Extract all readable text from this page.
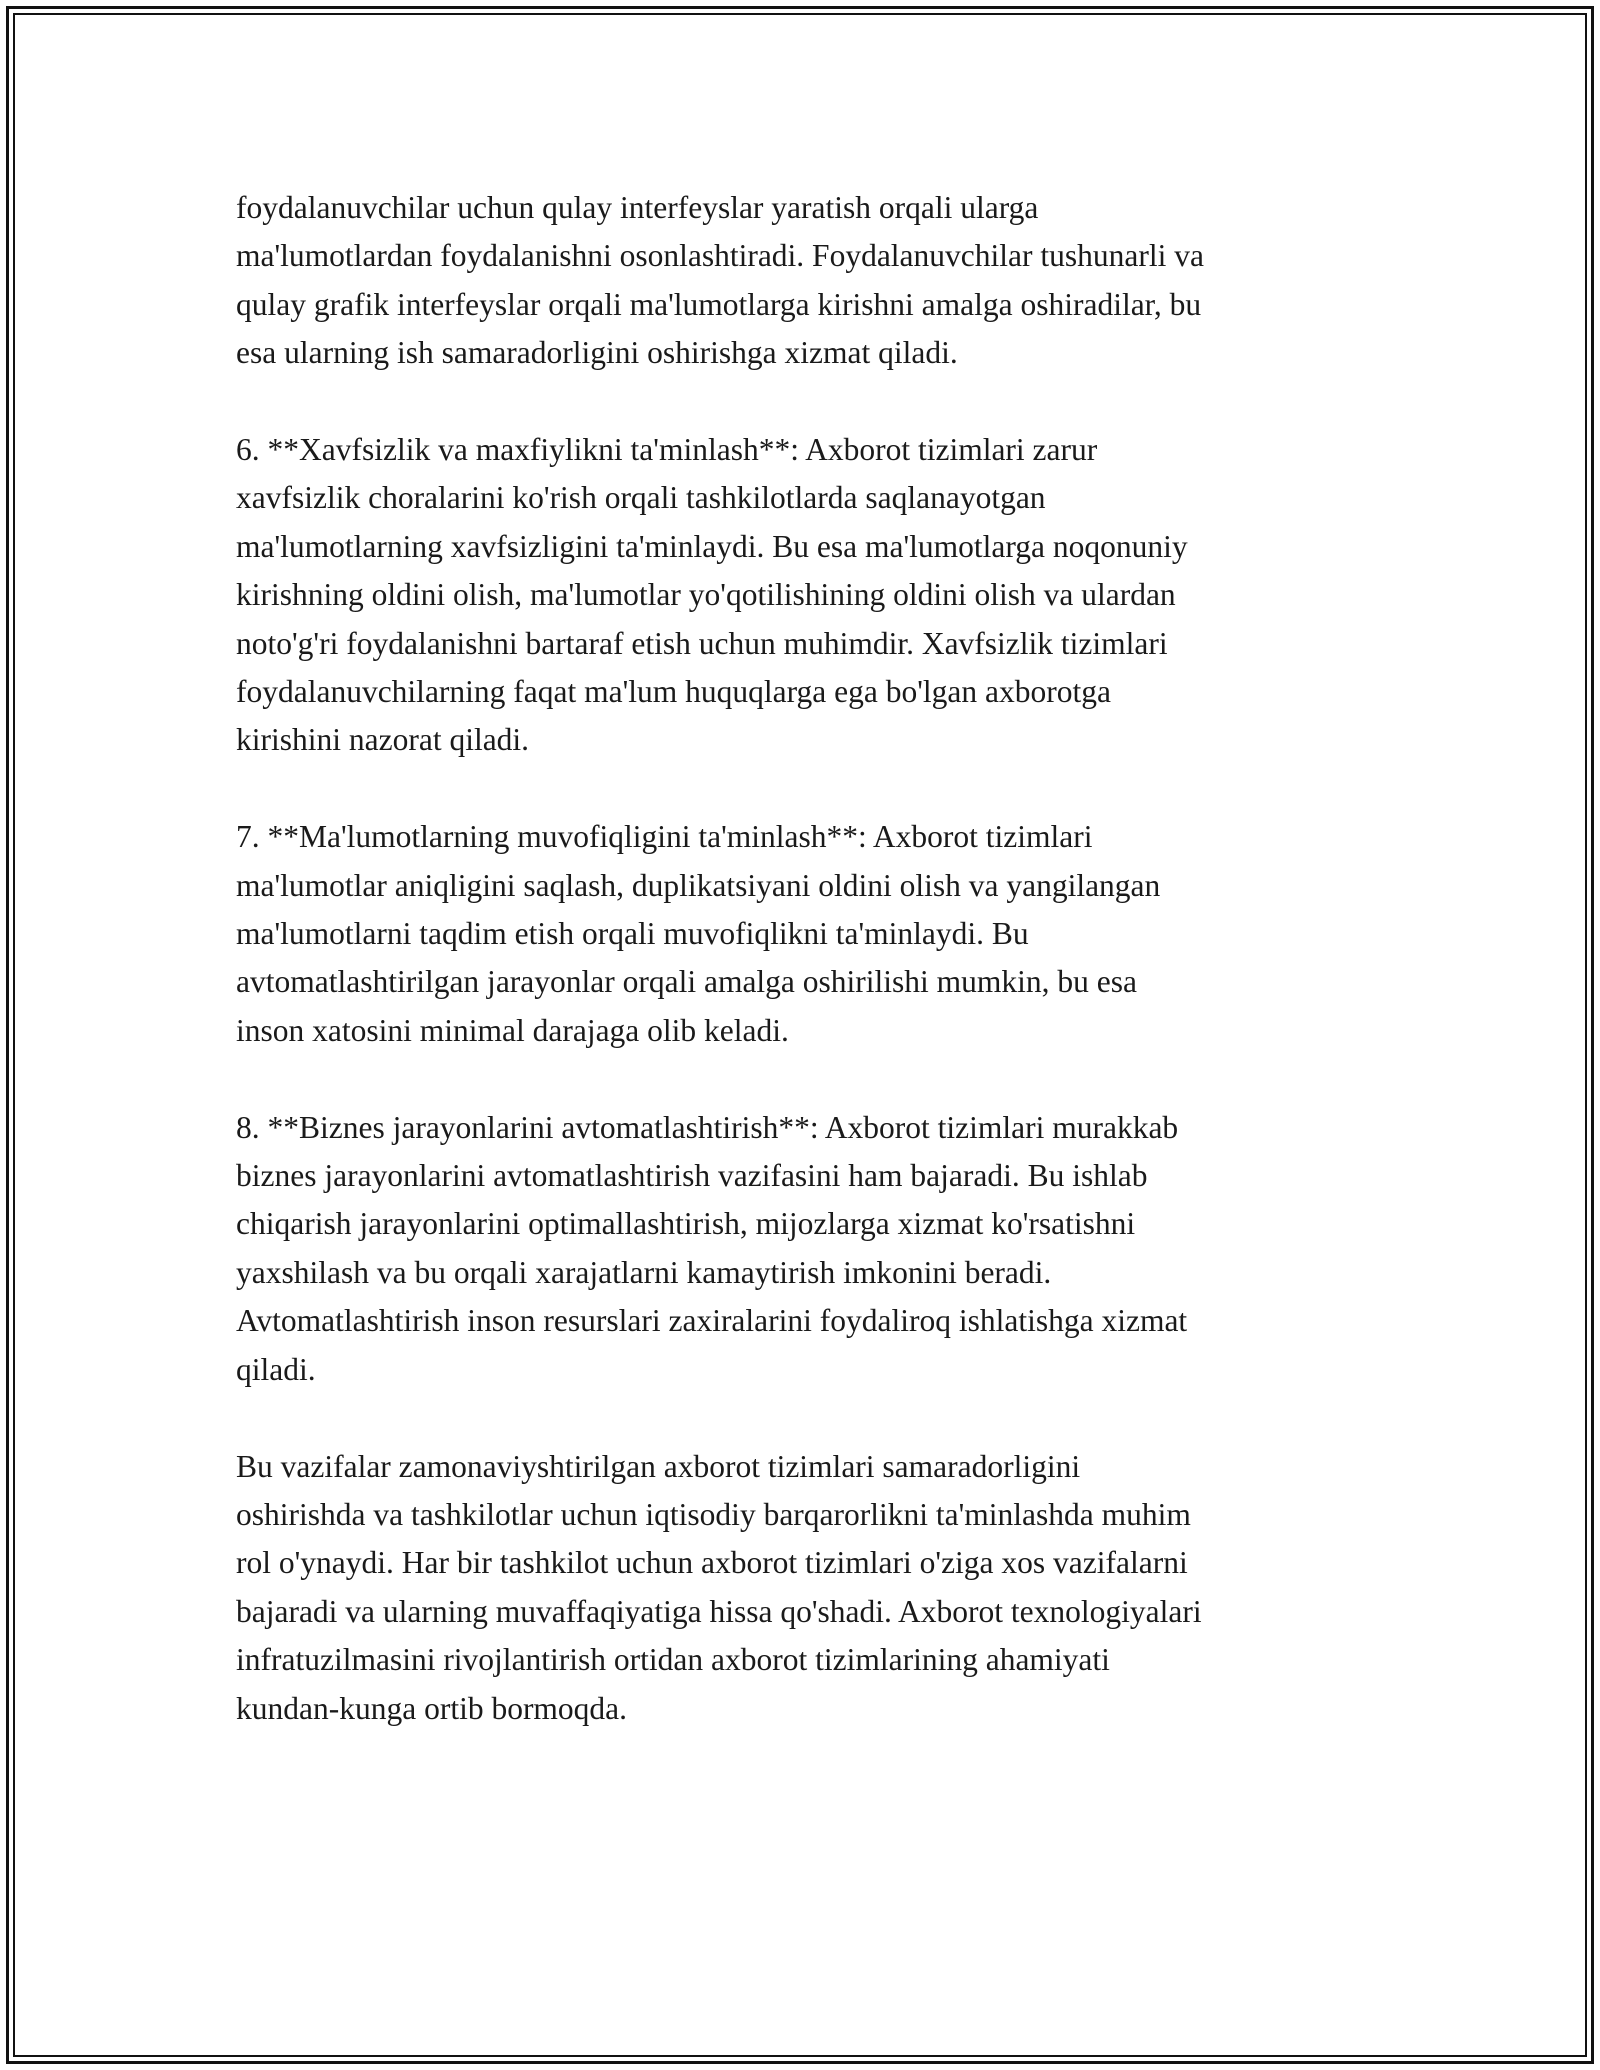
foydalanuvchilar uchun qulay interfeyslar yaratish orqali ularga
ma'lumotlardan foydalanishni osonlashtiradi. Foydalanuvchilar tushunarli va
qulay grafik interfeyslar orqali ma'lumotlarga kirishni amalga oshiradilar, bu
esa ularning ish samaradorligini oshirishga xizmat qiladi.

6. **Xavfsizlik va maxfiylikni ta'minlash**: Axborot tizimlari zarur
xavfsizlik choralarini ko'rish orqali tashkilotlarda saqlanayotgan
ma'lumotlarning xavfsizligini ta'minlaydi. Bu esa ma'lumotlarga noqonuniy
kirishning oldini olish, ma'lumotlar yo'qotilishining oldini olish va ulardan
noto'g'ri foydalanishni bartaraf etish uchun muhimdir. Xavfsizlik tizimlari
foydalanuvchilarning faqat ma'lum huquqlarga ega bo'lgan axborotga
kirishini nazorat qiladi.

7. **Ma'lumotlarning muvofiqligini ta'minlash**: Axborot tizimlari
ma'lumotlar aniqligini saqlash, duplikatsiyani oldini olish va yangilangan
ma'lumotlarni taqdim etish orqali muvofiqlikni ta'minlaydi. Bu
avtomatlashtirilgan jarayonlar orqali amalga oshirilishi mumkin, bu esa
inson xatosini minimal darajaga olib keladi.

8. **Biznes jarayonlarini avtomatlashtirish**: Axborot tizimlari murakkab
biznes jarayonlarini avtomatlashtirish vazifasini ham bajaradi. Bu ishlab
chiqarish jarayonlarini optimallashtirish, mijozlarga xizmat ko'rsatishni
yaxshilash va bu orqali xarajatlarni kamaytirish imkonini beradi.
Avtomatlashtirish inson resurslari zaxiralarini foydaliroq ishlatishga xizmat
qiladi.

Bu vazifalar zamonaviyshtirilgan axborot tizimlari samaradorligini
oshirishda va tashkilotlar uchun iqtisodiy barqarorlikni ta'minlashda muhim
rol o'ynaydi. Har bir tashkilot uchun axborot tizimlari o'ziga xos vazifalarni
bajaradi va ularning muvaffaqiyatiga hissa qo'shadi. Axborot texnologiyalari
infratuzilmasini rivojlantirish ortidan axborot tizimlarining ahamiyati
kundan-kunga ortib bormoqda.
